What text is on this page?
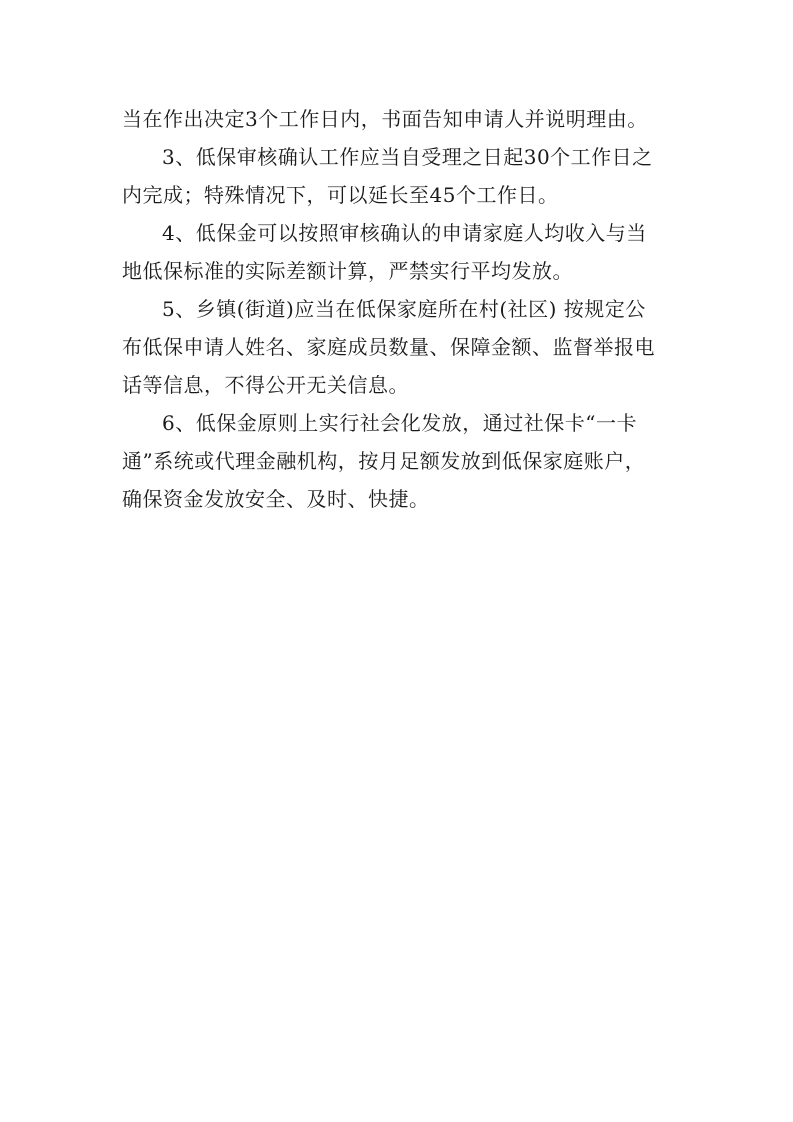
当在作出决定3个工作日内，书面告知申请人并说明理由。
3、低保审核确认工作应当自受理之日起30个工作日之
内完成；特殊情况下，可以延长至45个工作日。
4、低保金可以按照审核确认的申请家庭人均收入与当
地低保标准的实际差额计算，严禁实行平均发放。
5、乡镇(街道)应当在低保家庭所在村(社区) 按规定公
布低保申请人姓名、家庭成员数量、保障金额、监督举报电
话等信息，不得公开无关信息。
6、低保金原则上实行社会化发放，通过社保卡“一卡
通”系统或代理金融机构，按月足额发放到低保家庭账户，
确保资金发放安全、及时、快捷。
